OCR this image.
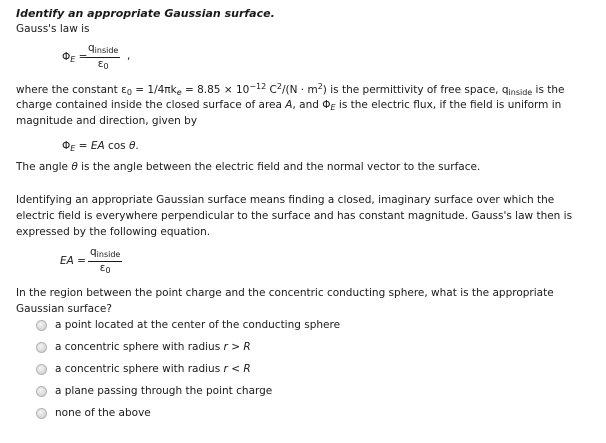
Identify an appropriate Gaussian surface.
Gauss's law is
$\Phi_E$ =
$q_{inside}$
$\varepsilon_0$
,
where the constant $\varepsilon_0 = 1/4\pi k_e = 8.85 \times 10^{-12}$ $C^2/(N \cdot m^2)$ is the permittivity of free space, $q_{inside}$ is the
charge contained inside the closed surface of area A, and $\Phi_E$ is the electric flux, if the field is uniform in
magnitude and direction, given by
$\Phi_E$ = EA cos θ.
The angle θ is the angle between the electric field and the normal vector to the surface.
Identifying an appropriate Gaussian surface means finding a closed, imaginary surface over which the electric field is everywhere perpendicular to the surface and has constant magnitude. Gauss's law then is expressed by the following equation.
EA =
$q_{inside}$
$\varepsilon_0$
In the region between the point charge and the concentric conducting sphere, what is the appropriate Gaussian surface?
a point located at the center of the conducting sphere
a concentric sphere with radius r > R
a concentric sphere with radius r < R
a plane passing through the point charge
none of the above
